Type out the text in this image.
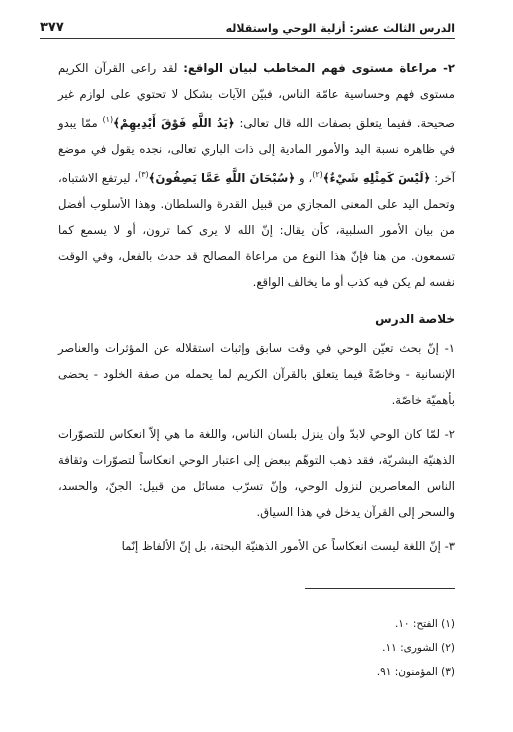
الدرس الثالث عشر: أزلية الوحي واستقلاله
٣٧٧

٢- مراعاة مستوى فهم المخاطب لبيان الواقع: لقد راعى القرآن الكريم مستوى فهم وحساسية عامّة الناس، فبيّن الآيات بشكل لا تحتوي على لوازم غير صحيحة. ففيما يتعلق بصفات الله قال تعالى: ﴿يَدُ اللَّهِ فَوْقَ أَيْدِيهِمْ﴾$^{(١)}$ ممّا يبدو في ظاهره نسبة اليد والأمور المادية إلى ذات الباري تعالى، نجده يقول في موضع آخر: ﴿لَيْسَ كَمِثْلِهِ شَيْءٌ﴾$^{(٢)}$، و ﴿سُبْحَانَ اللَّهِ عَمَّا يَصِفُونَ﴾$^{(٣)}$، ليرتفع الاشتباه، وتحمل اليد على المعنى المجازي من قبيل القدرة والسلطان. وهذا الأسلوب أفضل من بيان الأمور السلبية، كأن يقال: إنّ الله لا يرى كما ترون، أو لا يسمع كما تسمعون. من هنا فإنّ هذا النوع من مراعاة المصالح قد حدث بالفعل، وفي الوقت نفسه لم يكن فيه كذب أو ما يخالف الواقع.

خلاصة الدرس

١- إنّ بحث تعيّن الوحي في وقت سابق وإثبات استقلاله عن المؤثرات والعناصر الإنسانية - وخاصّةً فيما يتعلق بالقرآن الكريم لما يحمله من صفة الخلود - يحضى بأهميّة خاصّة.

٢- لمّا كان الوحي لابدّ وأن ينزل بلسان الناس، واللغة ما هي إلاّ انعكاس للتصوّرات الذهنيّة البشريّة، فقد ذهب التوهّم ببعض إلى اعتبار الوحي انعكاساً لتصوّرات وثقافة الناس المعاصرين لنزول الوحي، وإنّ تسرّب مسائل من قبيل: الجنّ، والحسد، والسحر إلى القرآن يدخل في هذا السياق.

٣- إنّ اللغة ليست انعكاساً عن الأمور الذهنيّة البحتة، بل إنّ الألفاظ إنّما

(١) الفتح: ١٠.

(٢) الشورى: ١١.

(٣) المؤمنون: ٩١.
